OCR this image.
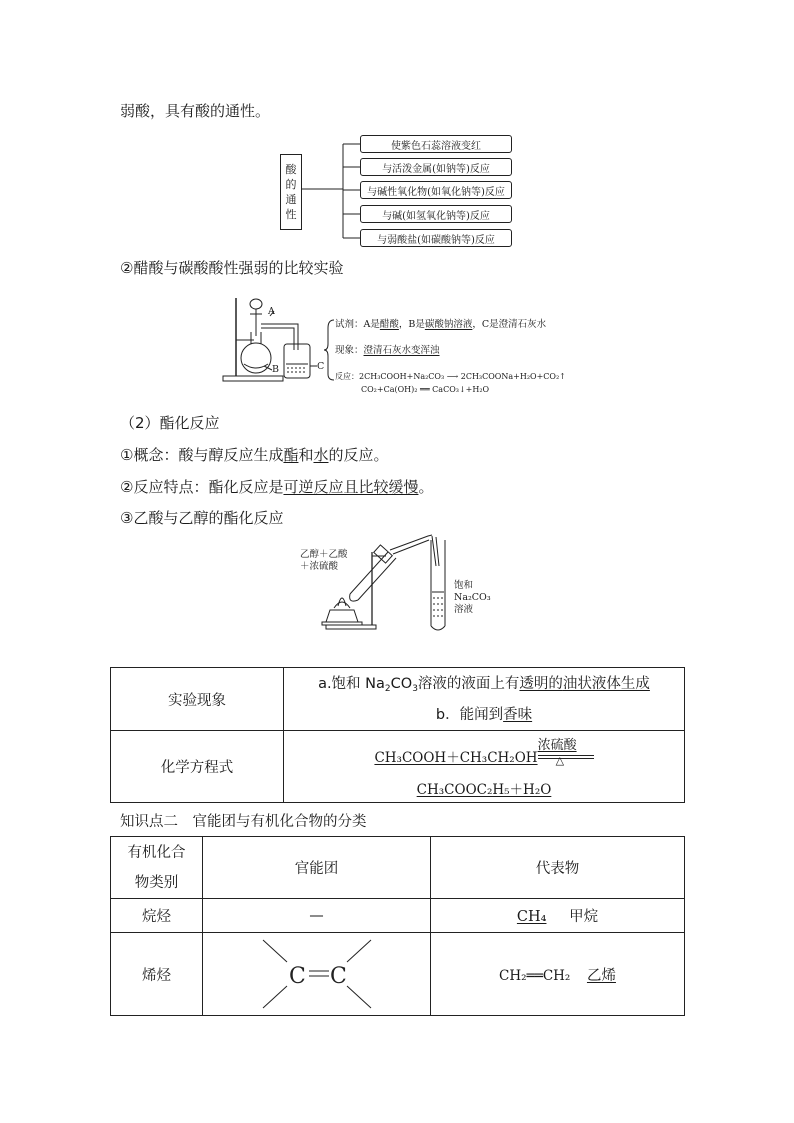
弱酸，具有酸的通性。
酸
的
通
性
使紫色石蕊溶液变红
与活泼金属(如钠等)反应
与碱性氧化物(如氧化钠等)反应
与碱(如氢氧化钠等)反应
与弱酸盐(如碳酸钠等)反应
②醋酸与碳酸酸性强弱的比较实验
A
B	C
试剂：A是醋酸，B是碳酸钠溶液，C是澄清石灰水
现象：澄清石灰水变浑浊
反应：2CH₃COOH+Na₂CO₃ ⟶ 2CH₃COONa+H₂O+CO₂↑
CO₂+Ca(OH)₂ ══ CaCO₃↓+H₂O
（2）酯化反应
①概念：酸与醇反应生成酯和水的反应。
②反应特点：酯化反应是可逆反应且比较缓慢。
③乙酸与乙醇的酯化反应
乙醇＋乙酸
＋浓硫酸
饱和
Na₂CO₃
溶液
实验现象	a.饱和 $Na_2CO_3$溶液的液面上有透明的油状液体生成
b．能闻到香味

化学方程式	CH₃COOH＋CH₃CH₂OH
浓硫酸
△
CH₃COOC₂H₅＋H₂O
知识点二　官能团与有机化合物的分类
有机化合
物类别	官能团	代表物
烷烃	—	CH₄ 甲烷
烯烃	C C	CH₂══CH₂ 乙烯
